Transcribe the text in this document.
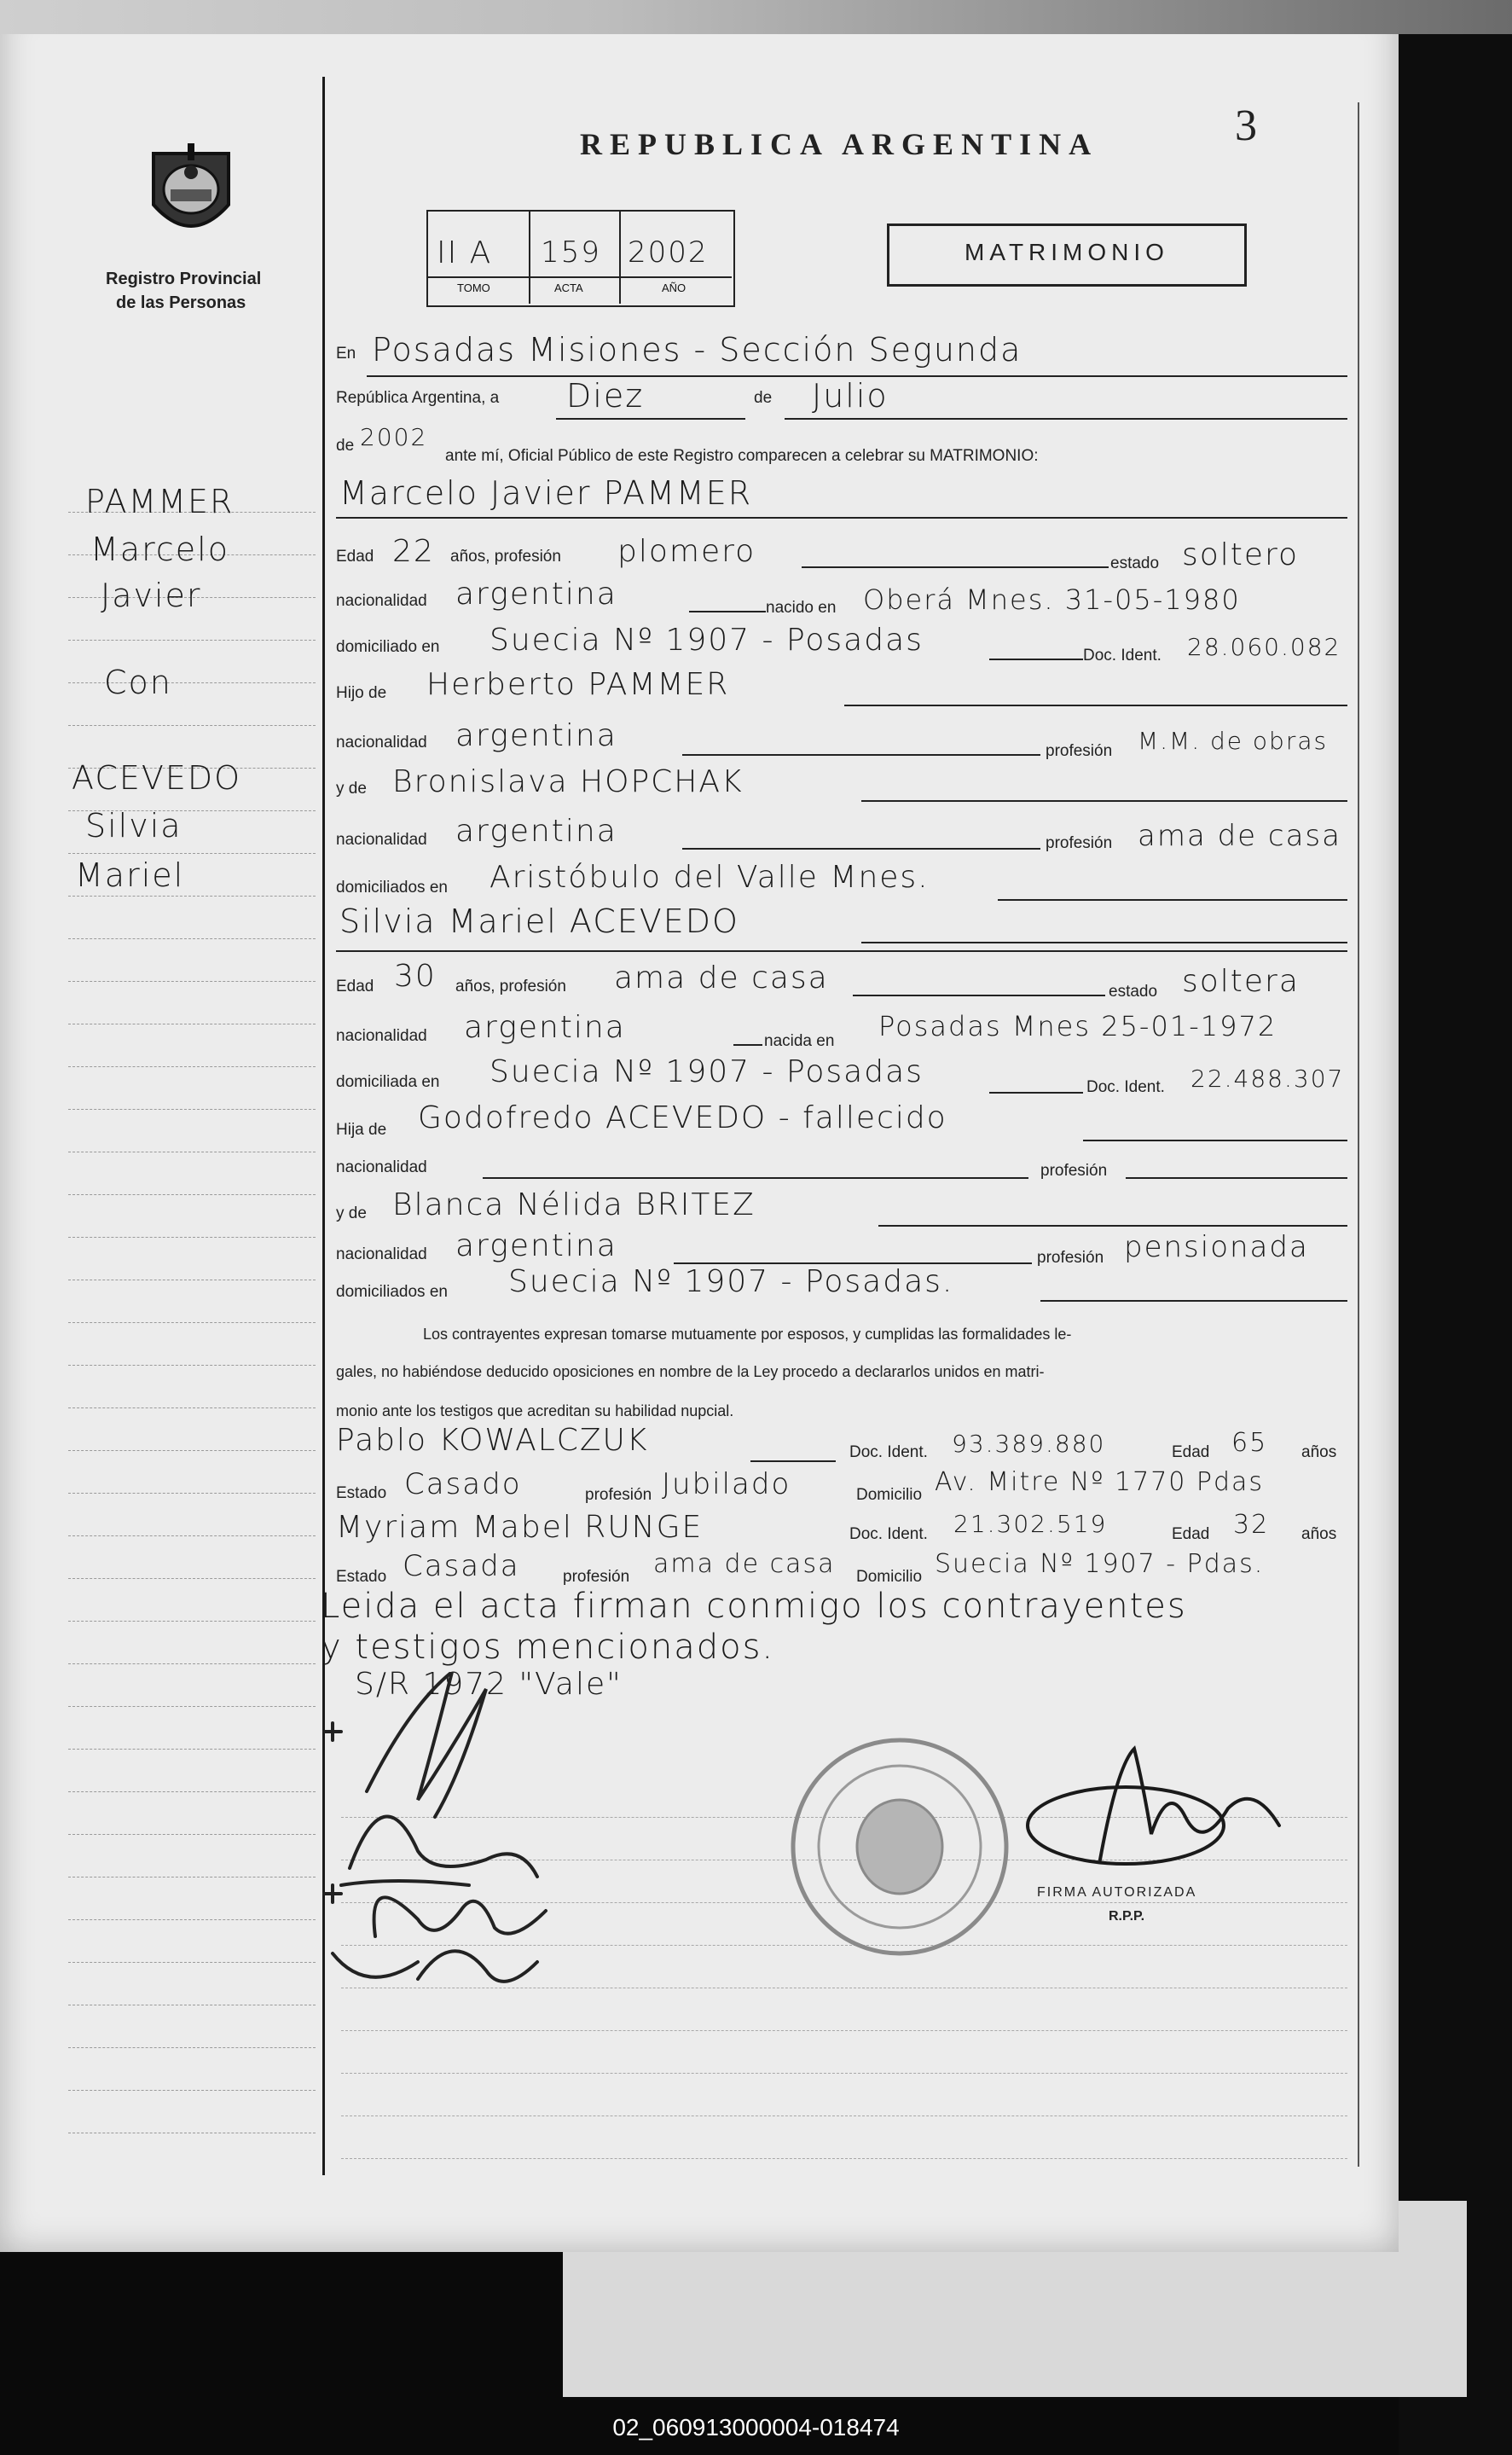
Registro Provincial
de las Personas
REPUBLICA ARGENTINA	3
II A 159 2002
TOMO	ACTA	AÑO
MATRIMONIO
PAMMER
Marcelo
Javier
Con
ACEVEDO
Silvia
Mariel
En Posadas Misiones - Sección Segunda
República Argentina, a Diez	de Julio
de 2002
ante mí, Oficial Público de este Registro comparecen a celebrar su MATRIMONIO:
Marcelo Javier PAMMER
Edad 22 años, profesión plomero	estado soltero
nacionalidad argentina	nacido en Oberá Mnes. 31-05-1980
domiciliado en Suecia Nº 1907 - Posadas	Doc. Ident. 28.060.082
Hijo de Herberto PAMMER
nacionalidad argentina	profesión M.M. de obras
y de Bronislava HOPCHAK
nacionalidad argentina	profesión ama de casa
domiciliados en Aristóbulo del Valle Mnes.
Silvia Mariel ACEVEDO
Edad 30 años, profesión ama de casa	estado soltera
nacionalidad argentina	nacida en Posadas Mnes 25-01-1972
domiciliada en Suecia Nº 1907 - Posadas	Doc. Ident. 22.488.307
Hija de Godofredo ACEVEDO - fallecido
nacionalidad	profesión
y de Blanca Nélida BRITEZ
nacionalidad argentina	profesión pensionada
domiciliados en Suecia Nº 1907 - Posadas.
Los contrayentes expresan tomarse mutuamente por esposos, y cumplidas las formalidades le-
gales, no habiéndose deducido oposiciones en nombre de la Ley procedo a declararlos unidos en matri-
monio ante los testigos que acreditan su habilidad nupcial.
Pablo KOWALCZUK	Doc. Ident. 93.389.880	Edad 65 años
Estado Casado	profesión Jubilado	Domicilio Av. Mitre Nº 1770 Pdas
Myriam Mabel RUNGE	Doc. Ident. 21.302.519	Edad 32 años
Estado Casada	profesión ama de casa Domicilio Suecia Nº 1907 - Pdas.
Leida el acta firman conmigo los contrayentes
y testigos mencionados.
S/R 1972 "Vale"
FIRMA AUTORIZADA
R.P.P.
02_060913000004-018474
